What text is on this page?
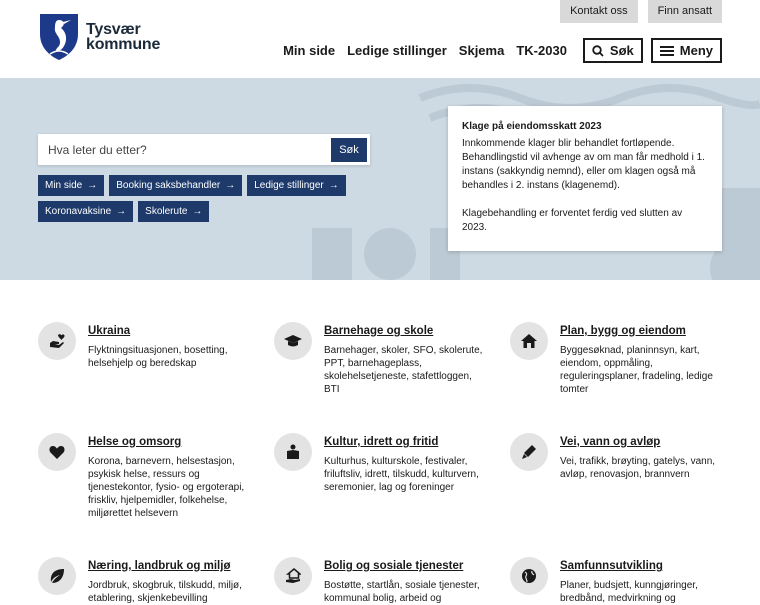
Tysvær
kommune
Kontakt oss	Finn ansatt
Min side Ledige stillinger Skjema TK-2030	Søk	Meny
Hva leter du etter?
Søk
Min side → Booking saksbehandler → Ledige stillinger →
Koronavaksine → Skolerute →
Klage på eiendomsskatt 2023
Innkommende klager blir behandlet fortløpende. Behandlingstid vil avhenge av om man får medhold i 1. instans (sakkyndig nemnd), eller om klagen også må behandles i 2. instans (klagenemd).
Klagebehandling er forventet ferdig ved slutten av 2023.
Ukraina
Flyktningsituasjonen, bosetting, helsehjelp og beredskap
Barnehage og skole
Barnehager, skoler, SFO, skolerute, PPT, barnehageplass, skolehelsetjeneste, stafettloggen, BTI
Plan, bygg og eiendom
Byggesøknad, planinnsyn, kart, eiendom, oppmåling, reguleringsplaner, fradeling, ledige tomter
Helse og omsorg
Korona, barnevern, helsestasjon, psykisk helse, ressurs og tjenestekontor, fysio- og ergoterapi, friskliv, hjelpemidler, folkehelse, miljørettet helsevern
Kultur, idrett og fritid
Kulturhus, kulturskole, festivaler, friluftsliv, idrett, tilskudd, kulturvern, seremonier, lag og foreninger
Vei, vann og avløp
Vei, trafikk, brøyting, gatelys, vann, avløp, renovasjon, brannvern
Næring, landbruk og miljø
Jordbruk, skogbruk, tilskudd, miljø, etablering, skjenkebevilling
Bolig og sosiale tjenester
Bostøtte, startlån, sosiale tjenester, kommunal bolig, arbeid og
Samfunnsutvikling
Planer, budsjett, kunngjøringer, bredbånd, medvirkning og
